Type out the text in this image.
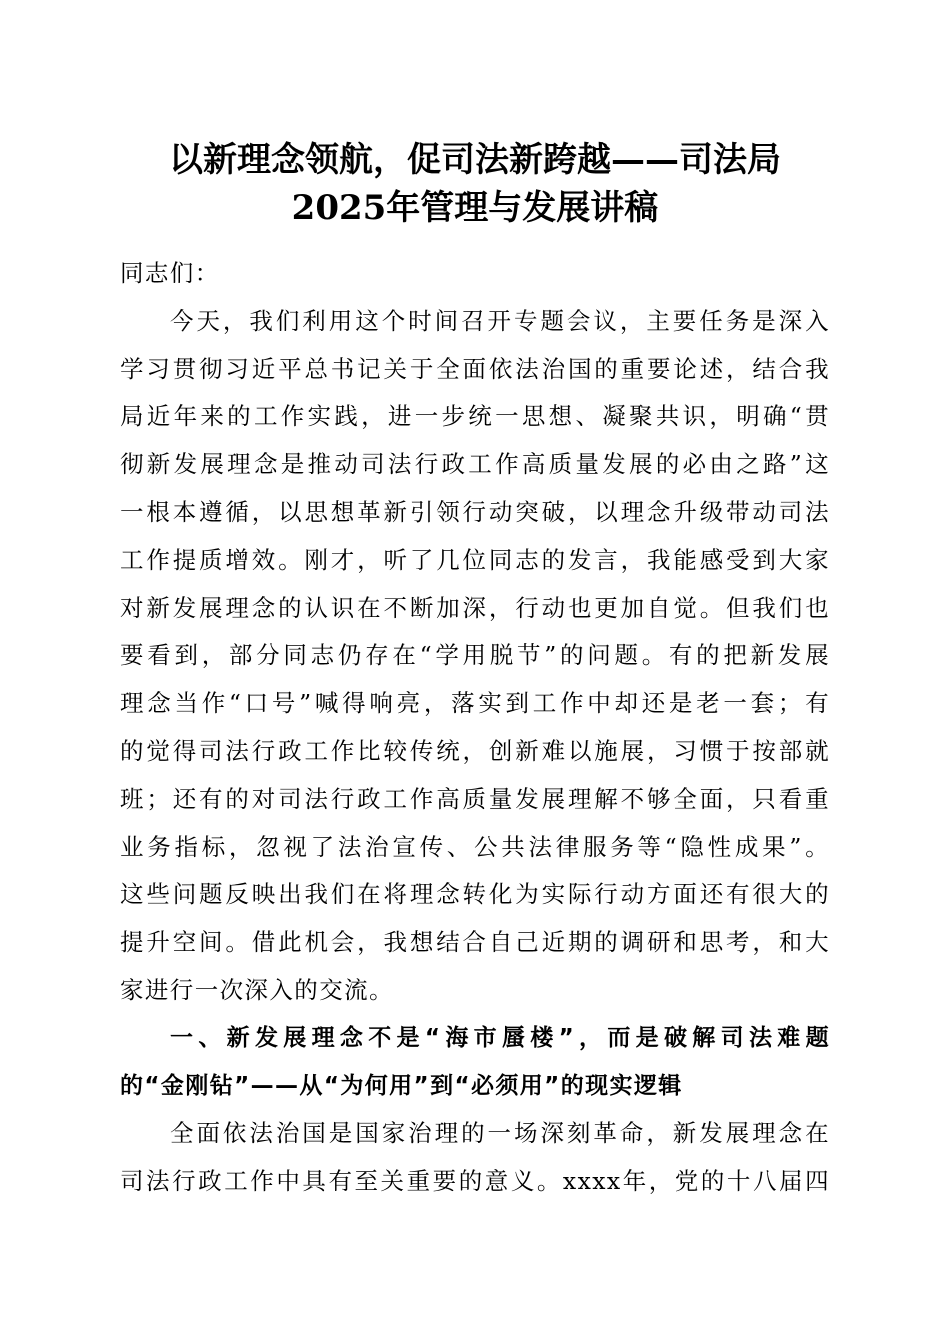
以新理念领航，促司法新跨越——司法局
2025年管理与发展讲稿
同志们：
今天，我们利用这个时间召开专题会议，主要任务是深入
学习贯彻习近平总书记关于全面依法治国的重要论述，结合我
局近年来的工作实践，进一步统一思想、凝聚共识，明确“贯
彻新发展理念是推动司法行政工作高质量发展的必由之路”这
一根本遵循，以思想革新引领行动突破，以理念升级带动司法
工作提质增效。刚才，听了几位同志的发言，我能感受到大家
对新发展理念的认识在不断加深，行动也更加自觉。但我们也
要看到，部分同志仍存在“学用脱节”的问题。有的把新发展
理念当作“口号”喊得响亮，落实到工作中却还是老一套；有
的觉得司法行政工作比较传统，创新难以施展，习惯于按部就
班；还有的对司法行政工作高质量发展理解不够全面，只看重
业务指标，忽视了法治宣传、公共法律服务等“隐性成果”。
这些问题反映出我们在将理念转化为实际行动方面还有很大的
提升空间。借此机会，我想结合自己近期的调研和思考，和大
家进行一次深入的交流。
一、新发展理念不是“海市蜃楼”，而是破解司法难题
的“金刚钻”——从“为何用”到“必须用”的现实逻辑
全面依法治国是国家治理的一场深刻革命，新发展理念在
司法行政工作中具有至关重要的意义。xxxx年，党的十八届四
